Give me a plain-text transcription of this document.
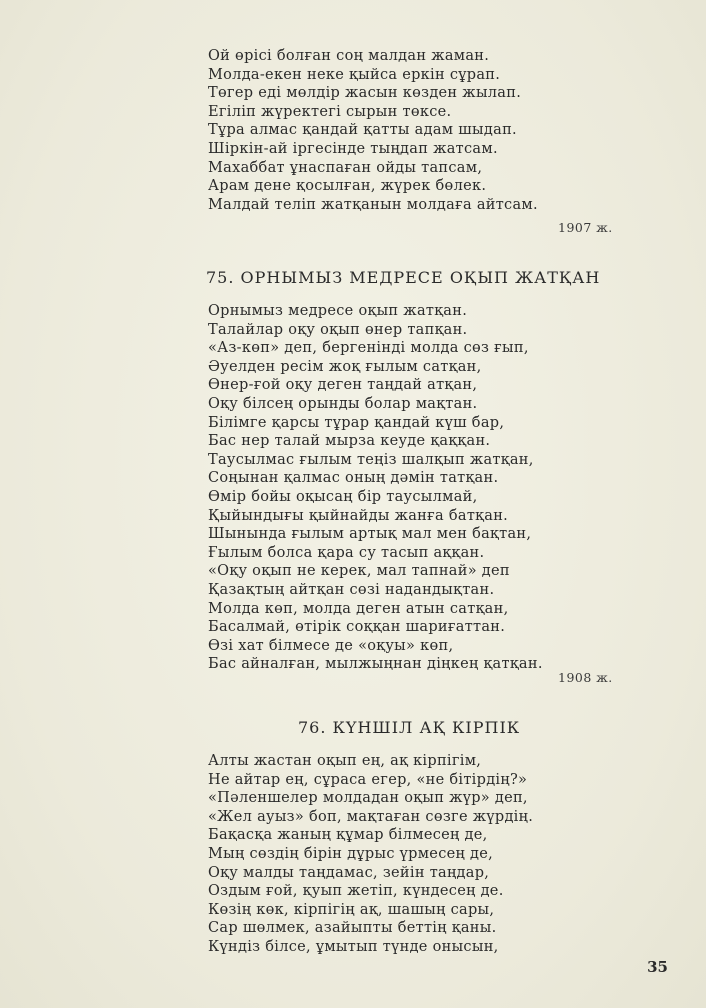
Ой өрісі болған соң малдан жаман.
Молда-екен неке қыйса еркін сұрап.
Төгер еді мөлдір жасын көзден жылап.
Егіліп жүректегі сырын төксе.
Тұра алмас қандай қатты адам шыдап.
Шіркін-ай іргесінде тыңдап жатсам.
Махаббат ұнаспаған ойды тапсам,
Арам дене қосылған, жүрек бөлек.
Малдай теліп жатқанын молдаға айтсам.
1907 ж.
75. ОРНЫМЫЗ МЕДРЕСЕ ОҚЫП ЖАТҚАН
Орнымыз медресе оқып жатқан.
Талайлар оқу оқып өнер тапқан.
«Аз-көп» деп, бергенінді молда сөз ғып,
Әуелден ресім жоқ ғылым сатқан,
Өнер-ғой оқу деген таңдай атқан,
Оқу білсең орынды болар мақтан.
Білімге қарсы тұрар қандай күш бар,
Бас нер талай мырза кеуде қаққан.
Таусылмас ғылым теңіз шалқып жатқан,
Соңынан қалмас оның дәмін татқан.
Өмір бойы оқысаң бір таусылмай,
Қыйындығы қыйнайды жанға батқан.
Шынында ғылым артық мал мен бақтан,
Ғылым болса қара су тасып аққан.
«Оқу оқып не керек, мал тапнай» деп
Қазақтың айтқан сөзі надандықтан.
Молда көп, молда деген атын сатқан,
Басалмай, өтірік соққан шариғаттан.
Өзі хат білмесе де «оқуы» көп,
Бас айналған, мылжыңнан діңкең қатқан.
1908 ж.
76. КҮНШІЛ АҚ КІРПІК
Алты жастан оқып ең, ақ кірпігім,
Не айтар ең, сұраса егер, «не бітірдің?»
«Пәленшелер молдадан оқып жүр» деп,
«Жел ауыз» боп, мақтаған сөзге жүрдің.
Бақасқа жаның құмар білмесең де,
Мың сөздің бірін дұрыс үрмесең де,
Оқу малды таңдамас, зейін таңдар,
Оздым ғой, қуып жетіп, күндесең де.
Көзің көк, кірпігің ақ, шашың сары,
Сар шөлмек, азайыпты беттің қаны.
Күндіз білсе, ұмытып түнде оныcын,
35
